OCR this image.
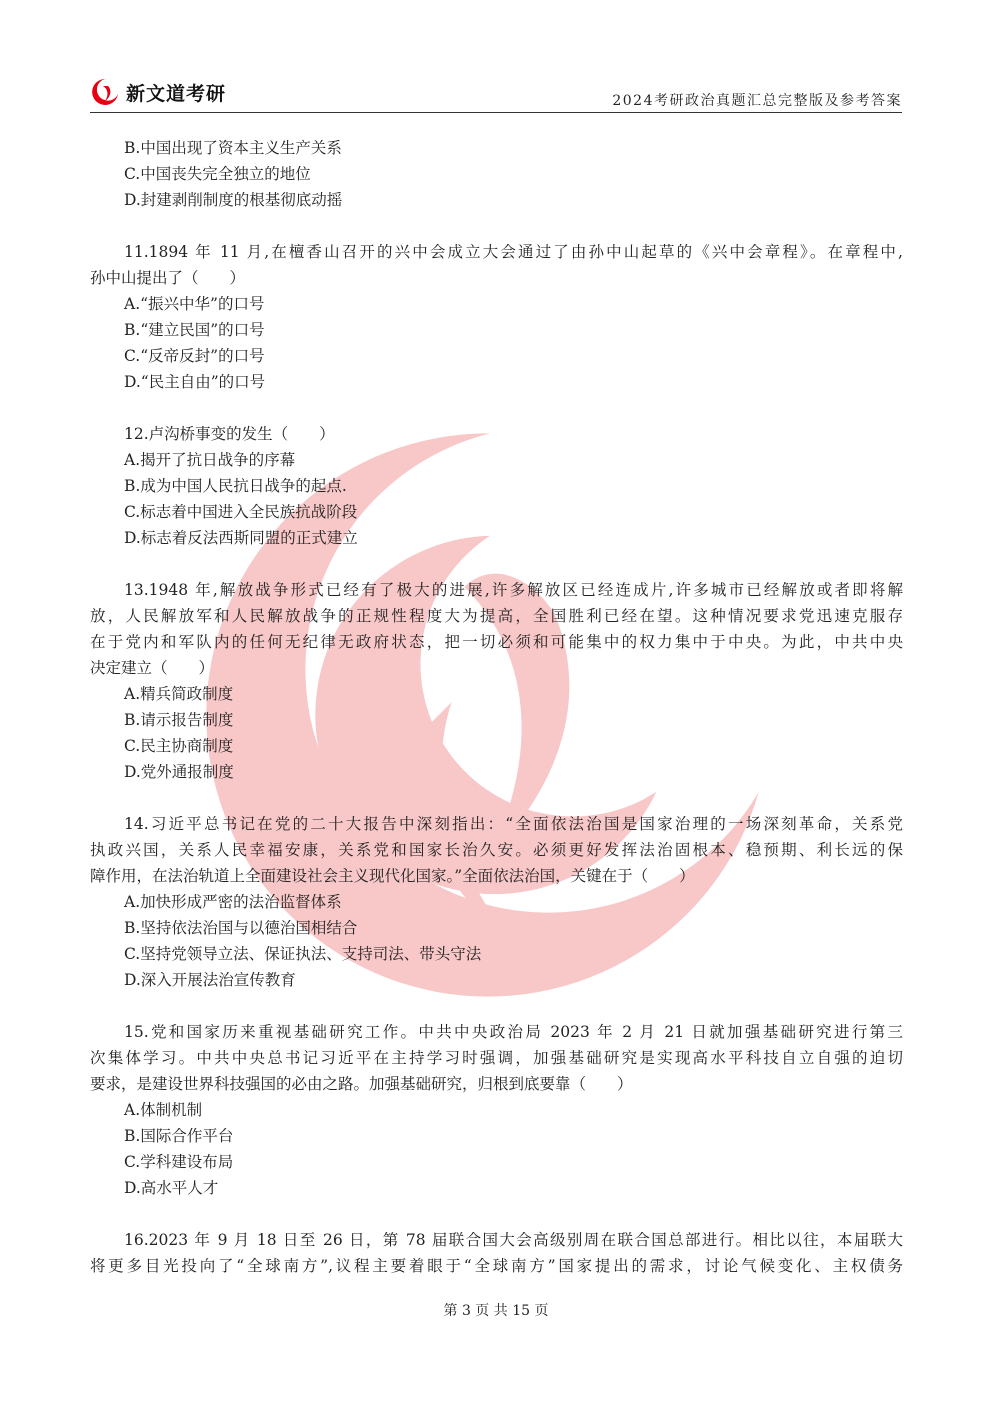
新文道考研	2024考研政治真题汇总完整版及参考答案
B.中国出现了资本主义生产关系
C.中国丧失完全独立的地位
D.封建剥削制度的根基彻底动摇
11.1894 年 11 月,在檀香山召开的兴中会成立大会通过了由孙中山起草的《兴中会章程》。在章程中,
孙中山提出了（　　）
A.“振兴中华”的口号
B.“建立民国”的口号
C.“反帝反封”的口号
D.“民主自由”的口号
12.卢沟桥事变的发生（　　）
A.揭开了抗日战争的序幕
B.成为中国人民抗日战争的起点.
C.标志着中国进入全民族抗战阶段
D.标志着反法西斯同盟的正式建立
13.1948 年,解放战争形式已经有了极大的进展,许多解放区已经连成片,许多城市已经解放或者即将解
放，人民解放军和人民解放战争的正规性程度大为提高，全国胜利已经在望。这种情况要求党迅速克服存
在于党内和军队内的任何无纪律无政府状态，把一切必须和可能集中的权力集中于中央。为此，中共中央
决定建立（　　）
A.精兵简政制度
B.请示报告制度
C.民主协商制度
D.党外通报制度
14.习近平总书记在党的二十大报告中深刻指出：“全面依法治国是国家治理的一场深刻革命，关系党
执政兴国，关系人民幸福安康，关系党和国家长治久安。必须更好发挥法治固根本、稳预期、利长远的保
障作用，在法治轨道上全面建设社会主义现代化国家。”全面依法治国，关键在于（　　）
A.加快形成严密的法治监督体系
B.坚持依法治国与以德治国相结合
C.坚持党领导立法、保证执法、支持司法、带头守法
D.深入开展法治宣传教育
15.党和国家历来重视基础研究工作。中共中央政治局 2023 年 2 月 21 日就加强基础研究进行第三
次集体学习。中共中央总书记习近平在主持学习时强调，加强基础研究是实现高水平科技自立自强的迫切
要求，是建设世界科技强国的必由之路。加强基础研究，归根到底要靠（　　）
A.体制机制
B.国际合作平台
C.学科建设布局
D.高水平人才
16.2023 年 9 月 18 日至 26 日，第 78 届联合国大会高级别周在联合国总部进行。相比以往，本届联大
将更多目光投向了“全球南方”,议程主要着眼于“全球南方”国家提出的需求，讨论气候变化、主权债务
第 3 页 共 15 页
